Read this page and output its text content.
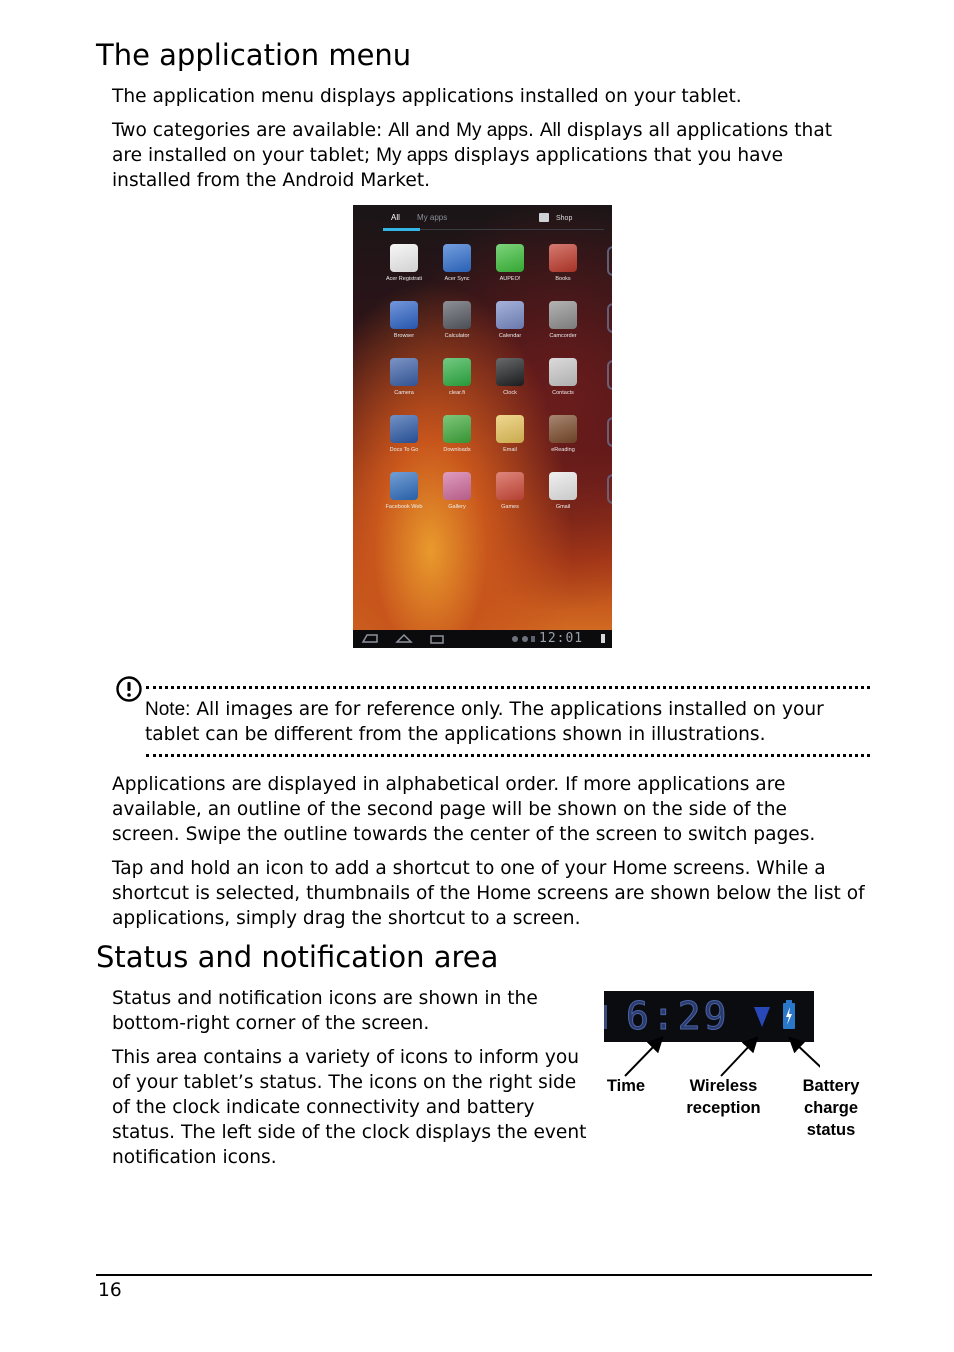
The application menu

The application menu displays applications installed on your tablet.

Two categories are available: All and My apps. All displays all applications that are installed on your tablet; My apps displays applications that you have installed from the Android Market.

All My apps	Shop
Acer Registrati	Acer Sync	AUPEO!	Books
Browser	Calculator	Calendar	Camcorder
Camera	clear.fi	Clock	Contacts
Docs To Go	Downloads	Email	eReading
Facebook Web	Gallery	Games	Gmail
12:01

Note: All images are for reference only. The applications installed on your tablet can be different from the applications shown in illustrations.

Applications are displayed in alphabetical order. If more applications are available, an outline of the second page will be shown on the side of the screen. Swipe the outline towards the center of the screen to switch pages.

Tap and hold an icon to add a shortcut to one of your Home screens. While a shortcut is selected, thumbnails of the Home screens are shown below the list of applications, simply drag the shortcut to a screen.

Status and notification area

Status and notification icons are shown in the bottom-right corner of the screen.

This area contains a variety of icons to inform you of your tablet’s status. The icons on the right side of the clock indicate connectivity and battery status. The left side of the clock displays the event notification icons.

6:29
Time	Wireless
reception
Battery
charge
status
16
